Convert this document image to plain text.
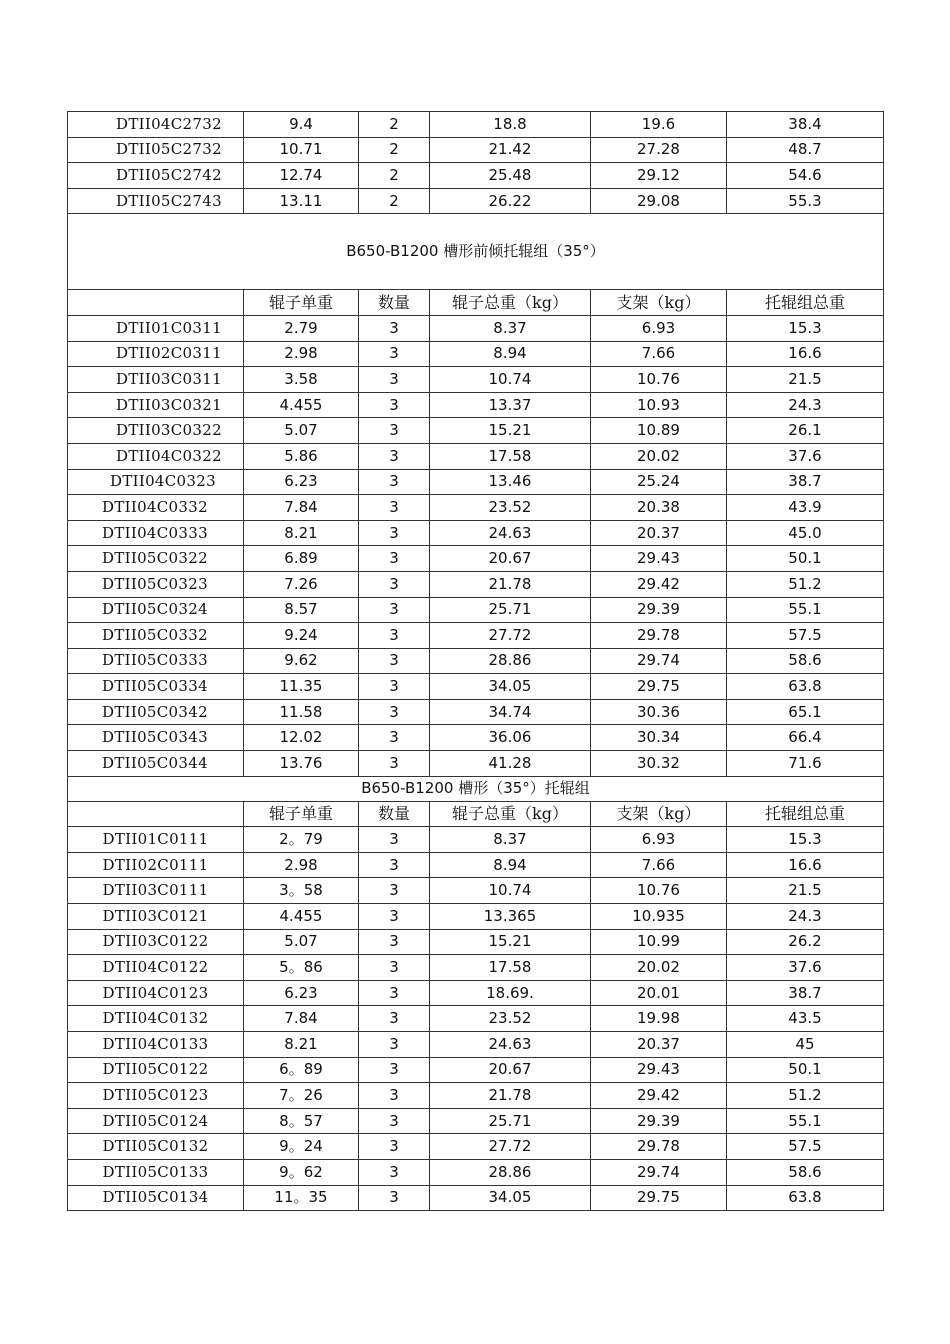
DTII04C2732	9.4	2	18.8	19.6	38.4
DTII05C2732	10.71	2	21.42	27.28	48.7
DTII05C2742	12.74	2	25.48	29.12	54.6
DTII05C2743	13.11	2	26.22	29.08	55.3
B650-B1200 槽形前倾托辊组（35°）					
	辊子单重	数量	辊子总重（kg）	支架（kg）	托辊组总重
DTII01C0311	2.79	3	8.37	6.93	15.3
DTII02C0311	2.98	3	8.94	7.66	16.6
DTII03C0311	3.58	3	10.74	10.76	21.5
DTII03C0321	4.455	3	13.37	10.93	24.3
DTII03C0322	5.07	3	15.21	10.89	26.1
DTII04C0322	5.86	3	17.58	20.02	37.6
DTII04C0323	6.23	3	13.46	25.24	38.7
DTII04C0332	7.84	3	23.52	20.38	43.9
DTII04C0333	8.21	3	24.63	20.37	45.0
DTII05C0322	6.89	3	20.67	29.43	50.1
DTII05C0323	7.26	3	21.78	29.42	51.2
DTII05C0324	8.57	3	25.71	29.39	55.1
DTII05C0332	9.24	3	27.72	29.78	57.5
DTII05C0333	9.62	3	28.86	29.74	58.6
DTII05C0334	11.35	3	34.05	29.75	63.8
DTII05C0342	11.58	3	34.74	30.36	65.1
DTII05C0343	12.02	3	36.06	30.34	66.4
DTII05C0344	13.76	3	41.28	30.32	71.6
B650-B1200 槽形（35°）托辊组					
	辊子单重	数量	辊子总重（kg）	支架（kg）	托辊组总重
DTII01C0111	2。79	3	8.37	6.93	15.3
DTII02C0111	2.98	3	8.94	7.66	16.6
DTII03C0111	3。58	3	10.74	10.76	21.5
DTII03C0121	4.455	3	13.365	10.935	24.3
DTII03C0122	5.07	3	15.21	10.99	26.2
DTII04C0122	5。86	3	17.58	20.02	37.6
DTII04C0123	6.23	3	18.69.	20.01	38.7
DTII04C0132	7.84	3	23.52	19.98	43.5
DTII04C0133	8.21	3	24.63	20.37	45
DTII05C0122	6。89	3	20.67	29.43	50.1
DTII05C0123	7。26	3	21.78	29.42	51.2
DTII05C0124	8。57	3	25.71	29.39	55.1
DTII05C0132	9。24	3	27.72	29.78	57.5
DTII05C0133	9。62	3	28.86	29.74	58.6
DTII05C0134	11。35	3	34.05	29.75	63.8
